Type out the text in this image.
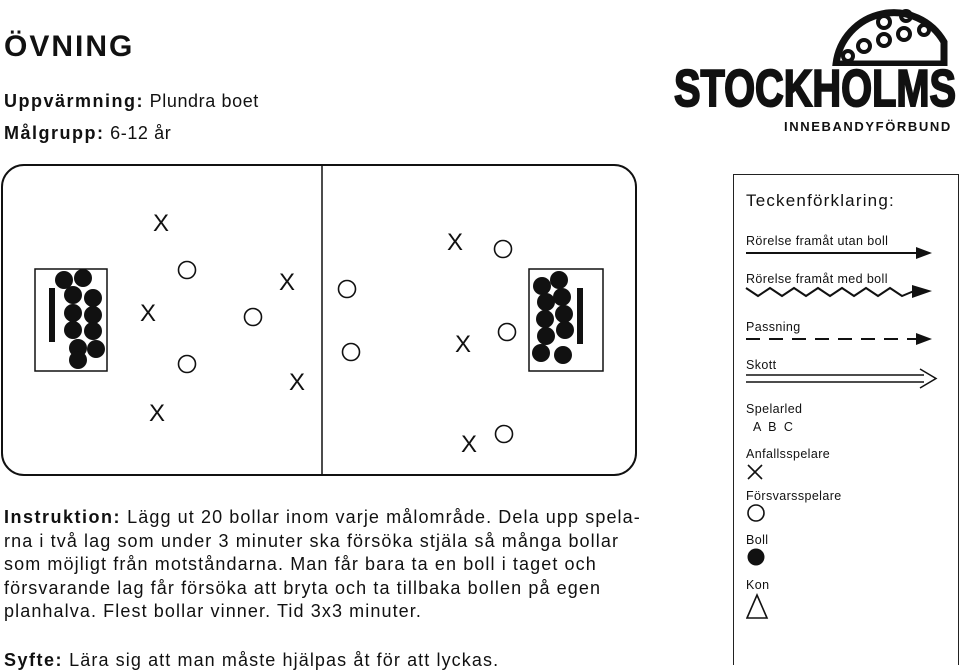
ÖVNING
Uppvärmning: Plundra boet
Målgrupp: 6-12 år
STOCKHOLMS
INNEBANDYFÖRBUND
X
X
X
X
X
X
X
X
Teckenförklaring:
Rörelse framåt utan boll
Rörelse framåt med boll
Passning
Skott
Spelarled
A B C
Anfallsspelare
Försvarsspelare
Boll
Kon
Instruktion: Lägg ut 20 bollar inom varje målområde. Dela upp spela-
rna i två lag som under 3 minuter ska försöka stjäla så många bollar
som möjligt från motståndarna. Man får bara ta en boll i taget och
försvarande lag får försöka att bryta och ta tillbaka bollen på egen
planhalva. Flest bollar vinner. Tid 3x3 minuter.
Syfte: Lära sig att man måste hjälpas åt för att lyckas.
